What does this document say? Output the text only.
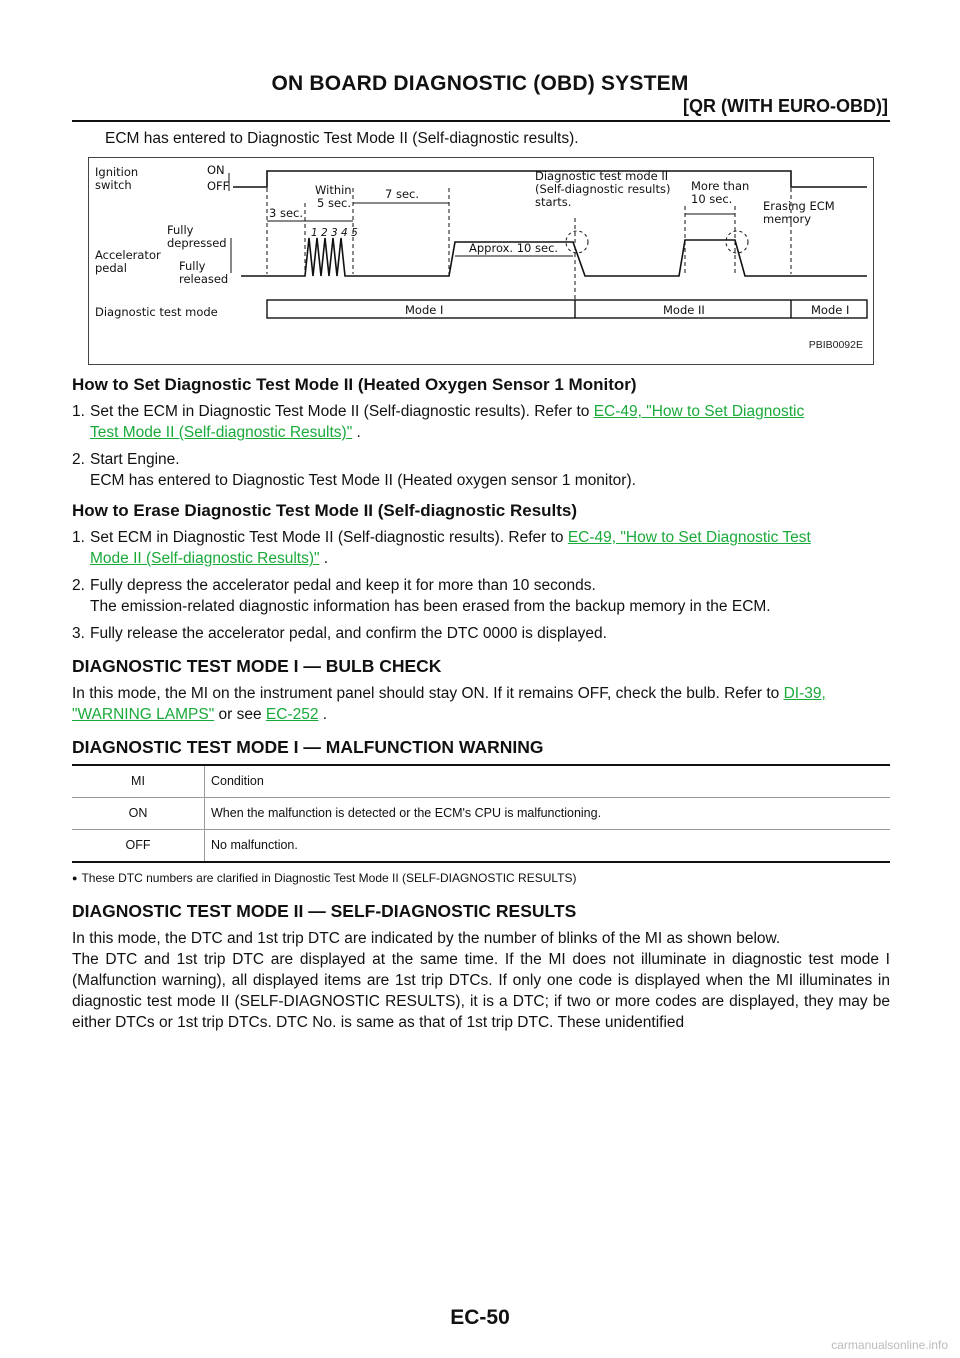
ON BOARD DIAGNOSTIC (OBD) SYSTEM
[QR (WITH EURO-OBD)]

ECM has entered to Diagnostic Test Mode II (Self-diagnostic results).

Ignition
switch
ON
OFF
Fully
depressed
Accelerator
pedal	Fully
released
Diagnostic test mode
3 sec.
Within
5 sec.
7 sec.
1 2 3 4 5
Approx. 10 sec.
Diagnostic test mode II
(Self-diagnostic results)
starts.
More than
10 sec.	Erasing ECM
memory
Mode I	Mode II	Mode I
PBIB0092E
How to Set Diagnostic Test Mode II (Heated Oxygen Sensor 1 Monitor)
1. Set the ECM in Diagnostic Test Mode II (Self-diagnostic results). Refer to EC-49, "How to Set Diagnostic
Test Mode II (Self-diagnostic Results)" .
2. Start Engine.
ECM has entered to Diagnostic Test Mode II (Heated oxygen sensor 1 monitor).
How to Erase Diagnostic Test Mode II (Self-diagnostic Results)
1. Set ECM in Diagnostic Test Mode II (Self-diagnostic results). Refer to EC-49, "How to Set Diagnostic Test
Mode II (Self-diagnostic Results)" .
2. Fully depress the accelerator pedal and keep it for more than 10 seconds.
The emission-related diagnostic information has been erased from the backup memory in the ECM.
3. Fully release the accelerator pedal, and confirm the DTC 0000 is displayed.
DIAGNOSTIC TEST MODE I — BULB CHECK

In this mode, the MI on the instrument panel should stay ON. If it remains OFF, check the bulb. Refer to DI-39,
"WARNING LAMPS" or see EC-252 .

DIAGNOSTIC TEST MODE I — MALFUNCTION WARNING
MI	Condition
ON	When the malfunction is detected or the ECM's CPU is malfunctioning.
OFF	No malfunction.

● These DTC numbers are clarified in Diagnostic Test Mode II (SELF-DIAGNOSTIC RESULTS)

DIAGNOSTIC TEST MODE II — SELF-DIAGNOSTIC RESULTS

In this mode, the DTC and 1st trip DTC are indicated by the number of blinks of the MI as shown below.

The DTC and 1st trip DTC are displayed at the same time. If the MI does not illuminate in diagnostic test mode I (Malfunction warning), all displayed items are 1st trip DTCs. If only one code is displayed when the MI illuminates in diagnostic test mode II (SELF-DIAGNOSTIC RESULTS), it is a DTC; if two or more codes are displayed, they may be either DTCs or 1st trip DTCs. DTC No. is same as that of 1st trip DTC. These unidentified

EC-50
carmanualsonline.info
